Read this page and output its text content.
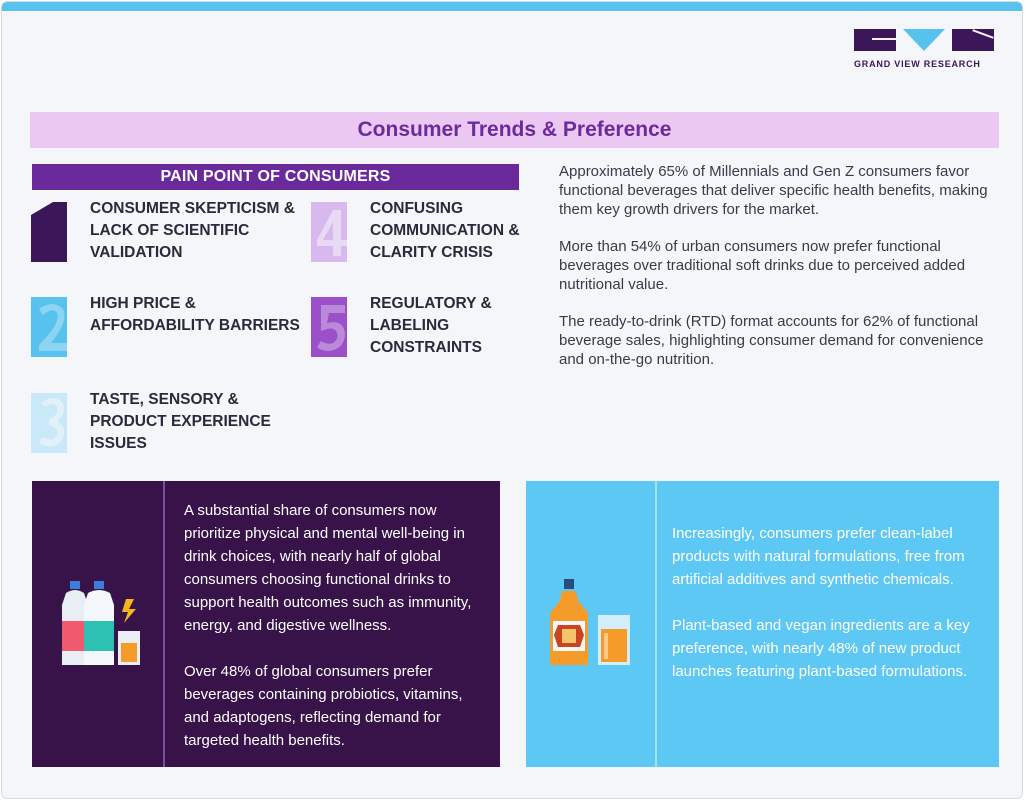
GRAND VIEW RESEARCH
Consumer Trends & Preference
PAIN POINT OF CONSUMERS
CONSUMER SKEPTICISM & LACK OF SCIENTIFIC VALIDATION
HIGH PRICE & AFFORDABILITY BARRIERS
TASTE, SENSORY & PRODUCT EXPERIENCE ISSUES
CONFUSING COMMUNICATION & CLARITY CRISIS
REGULATORY & LABELING CONSTRAINTS

Approximately 65% of Millennials and Gen Z consumers favor functional beverages that deliver specific health benefits, making them key growth drivers for the market.

More than 54% of urban consumers now prefer functional beverages over traditional soft drinks due to perceived added nutritional value.

The ready-to-drink (RTD) format accounts for 62% of functional beverage sales, highlighting consumer demand for convenience and on-the-go nutrition.

A substantial share of consumers now prioritize physical and mental well-being in drink choices, with nearly half of global consumers choosing functional drinks to support health outcomes such as immunity, energy, and digestive wellness.

Over 48% of global consumers prefer beverages containing probiotics, vitamins, and adaptogens, reflecting demand for targeted health benefits.

Increasingly, consumers prefer clean-label products with natural formulations, free from artificial additives and synthetic chemicals.

Plant-based and vegan ingredients are a key preference, with nearly 48% of new product launches featuring plant-based formulations.
